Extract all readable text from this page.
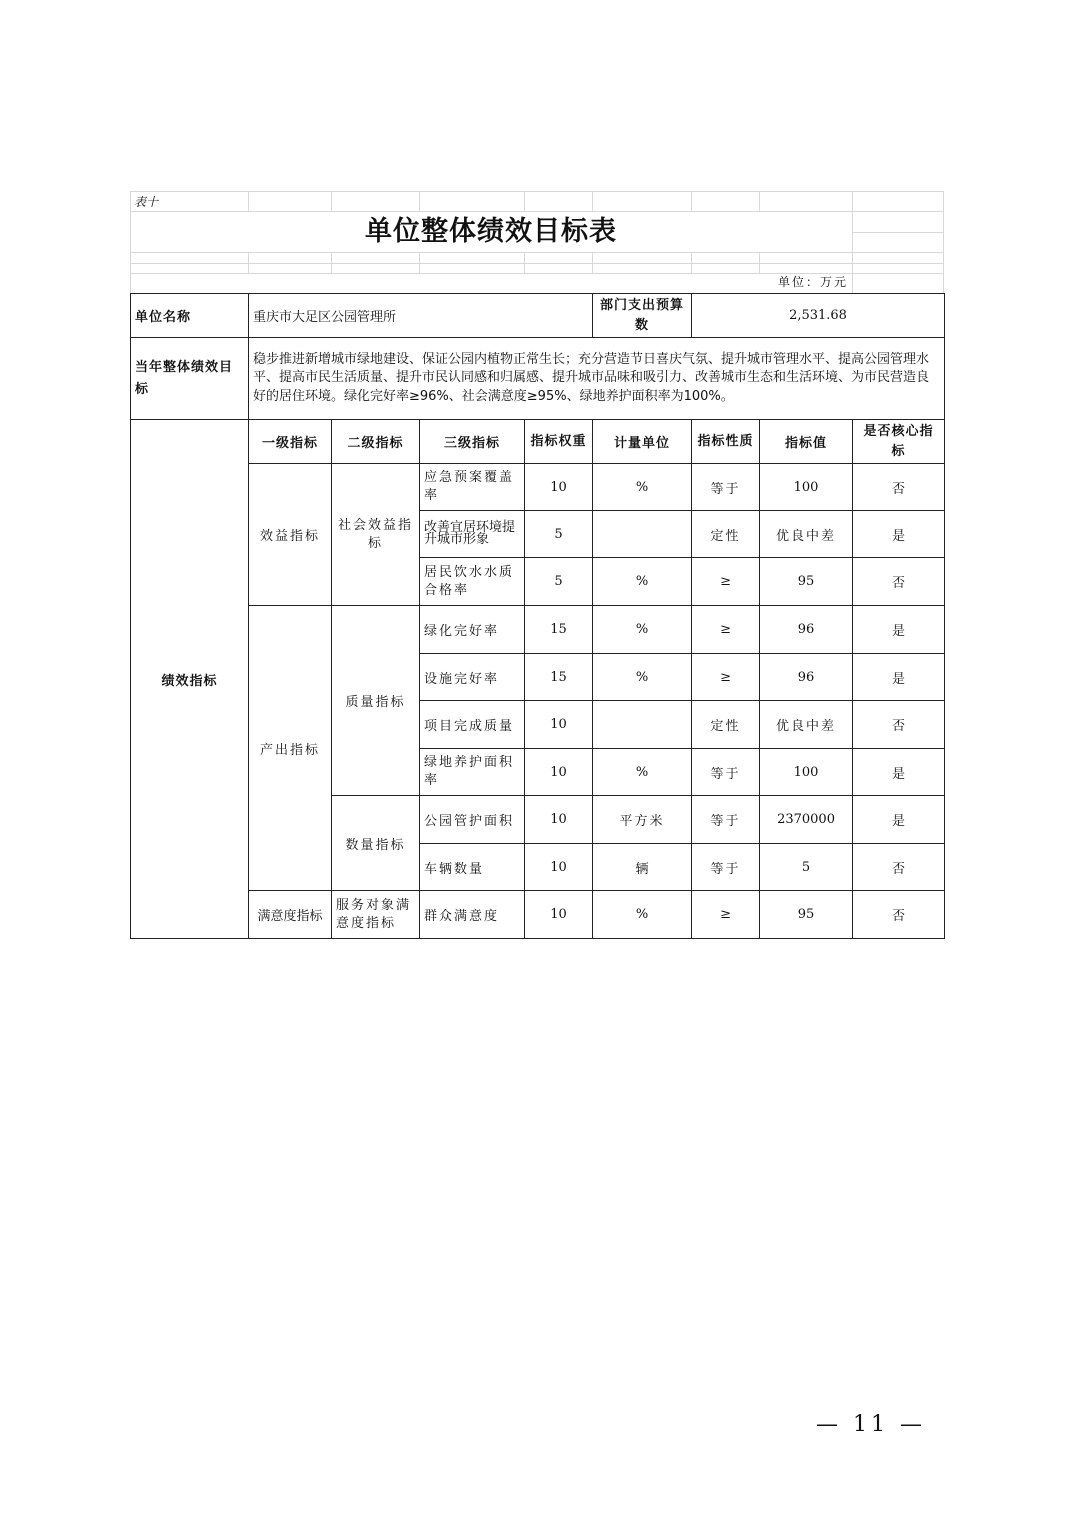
表十
单位整体绩效目标表
单位：万元
单位名称	重庆市大足区公园管理所				部门支出预算数	2,531.68		
当年整体绩效目标	稳步推进新增城市绿地建设、保证公园内植物正常生长；充分营造节日喜庆气氛、提升城市管理水平、提高公园管理水平、提高市民生活质量、提升市民认同感和归属感、提升城市品味和吸引力、改善城市生态和生活环境、为市民营造良好的居住环境。绿化完好率≥96%、社会满意度≥95%、绿地养护面积率为100%。							
绩效指标	一级指标	二级指标	三级指标	指标权重	计量单位	指标性质	指标值	是否核心指标
	效益指标	社会效益指标	应急预案覆盖率	10	%	等于	100	否
			改善宜居环境提升城市形象	5		定性	优良中差	是
			居民饮水水质合格率	5	%	≥	95	否
	产出指标	质量指标	绿化完好率	15	%	≥	96	是
			设施完好率	15	%	≥	96	是
			项目完成质量	10		定性	优良中差	否
			绿地养护面积率	10	%	等于	100	是
		数量指标	公园管护面积	10	平方米	等于	2370000	是
			车辆数量	10	辆	等于	5	否
	满意度指标	服务对象满意度指标	群众满意度	10	%	≥	95	否
— 11 —
